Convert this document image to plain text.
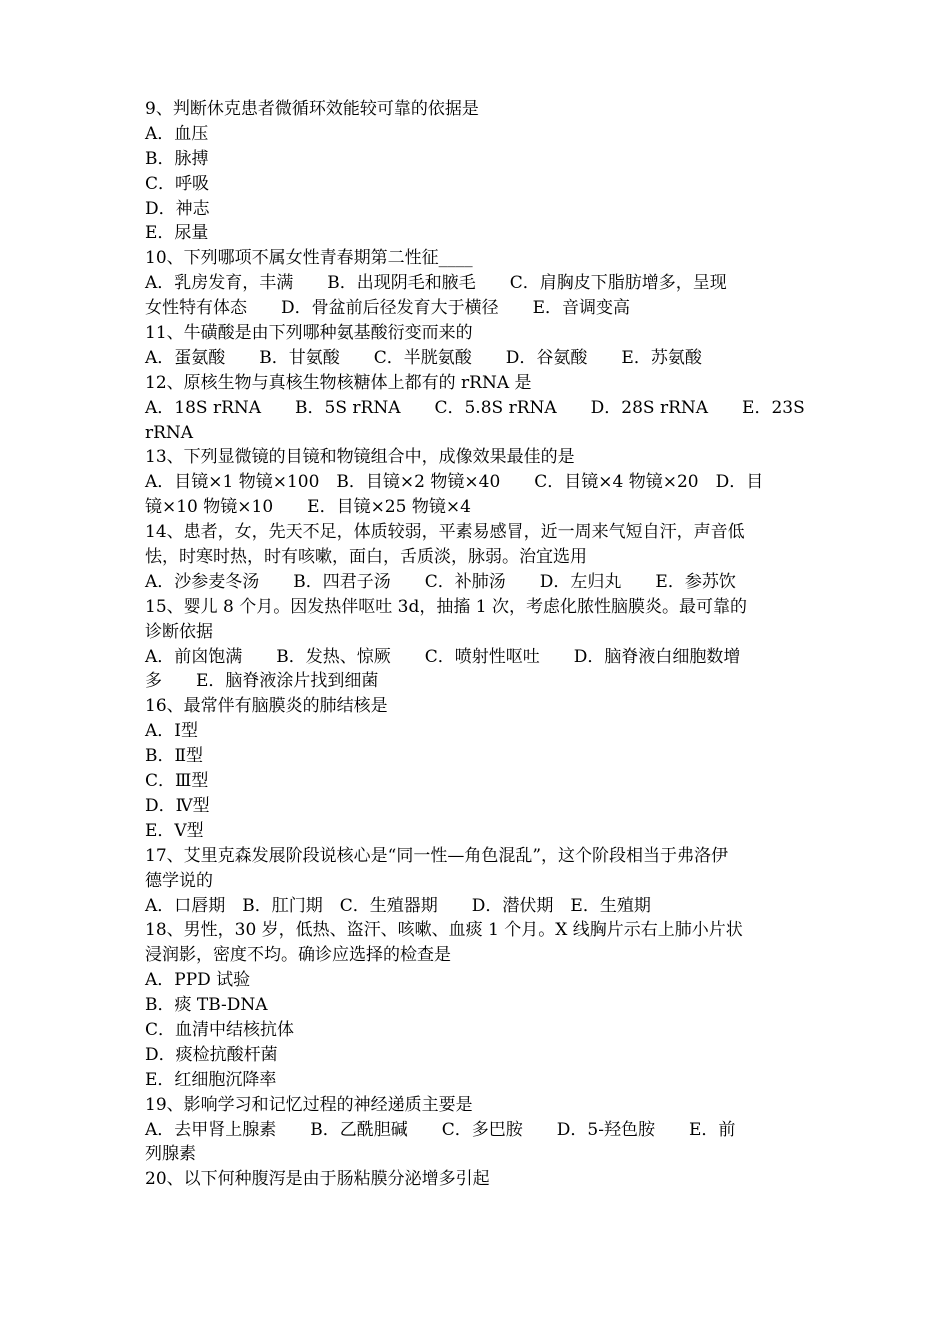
9、判断休克患者微循环效能较可靠的依据是
A．血压
B．脉搏
C．呼吸
D．神志
E．尿量
10、下列哪项不属女性青春期第二性征____
A．乳房发育，丰满　　B．出现阴毛和腋毛　　C．肩胸皮下脂肪增多，呈现
女性特有体态　　D．骨盆前后径发育大于横径　　E．音调变高
11、牛磺酸是由下列哪种氨基酸衍变而来的
A．蛋氨酸　　B．甘氨酸　　C．半胱氨酸　　D．谷氨酸　　E．苏氨酸
12、原核生物与真核生物核糖体上都有的 rRNA 是
A．18S rRNA　　B．5S rRNA　　C．5.8S rRNA　　D．28S rRNA　　E．23S
rRNA
13、下列显微镜的目镜和物镜组合中，成像效果最佳的是
A．目镜×1 物镜×100　B．目镜×2 物镜×40　　C．目镜×4 物镜×20　D．目
镜×10 物镜×10　　E．目镜×25 物镜×4
14、患者，女，先天不足，体质较弱，平素易感冒，近一周来气短自汗，声音低
怯，时寒时热，时有咳嗽，面白，舌质淡，脉弱。治宜选用
A．沙参麦冬汤　　B．四君子汤　　C．补肺汤　　D．左归丸　　E．参苏饮
15、婴儿 8 个月。因发热伴呕吐 3d，抽搐 1 次，考虑化脓性脑膜炎。最可靠的
诊断依据
A．前囟饱满　　B．发热、惊厥　　C．喷射性呕吐　　D．脑脊液白细胞数增
多　　E．脑脊液涂片找到细菌
16、最常伴有脑膜炎的肺结核是
A．Ⅰ型
B．Ⅱ型
C．Ⅲ型
D．Ⅳ型
E．Ⅴ型
17、艾里克森发展阶段说核心是“同一性—角色混乱”，这个阶段相当于弗洛伊
德学说的
A．口唇期　B．肛门期　C．生殖器期　　D．潜伏期　E．生殖期
18、男性，30 岁，低热、盗汗、咳嗽、血痰 1 个月。X 线胸片示右上肺小片状
浸润影，密度不均。确诊应选择的检查是
A．PPD 试验
B．痰 TB-DNA
C．血清中结核抗体
D．痰检抗酸杆菌
E．红细胞沉降率
19、影响学习和记忆过程的神经递质主要是
A．去甲肾上腺素　　B．乙酰胆碱　　C．多巴胺　　D．5-羟色胺　　E．前
列腺素
20、以下何种腹泻是由于肠粘膜分泌增多引起
